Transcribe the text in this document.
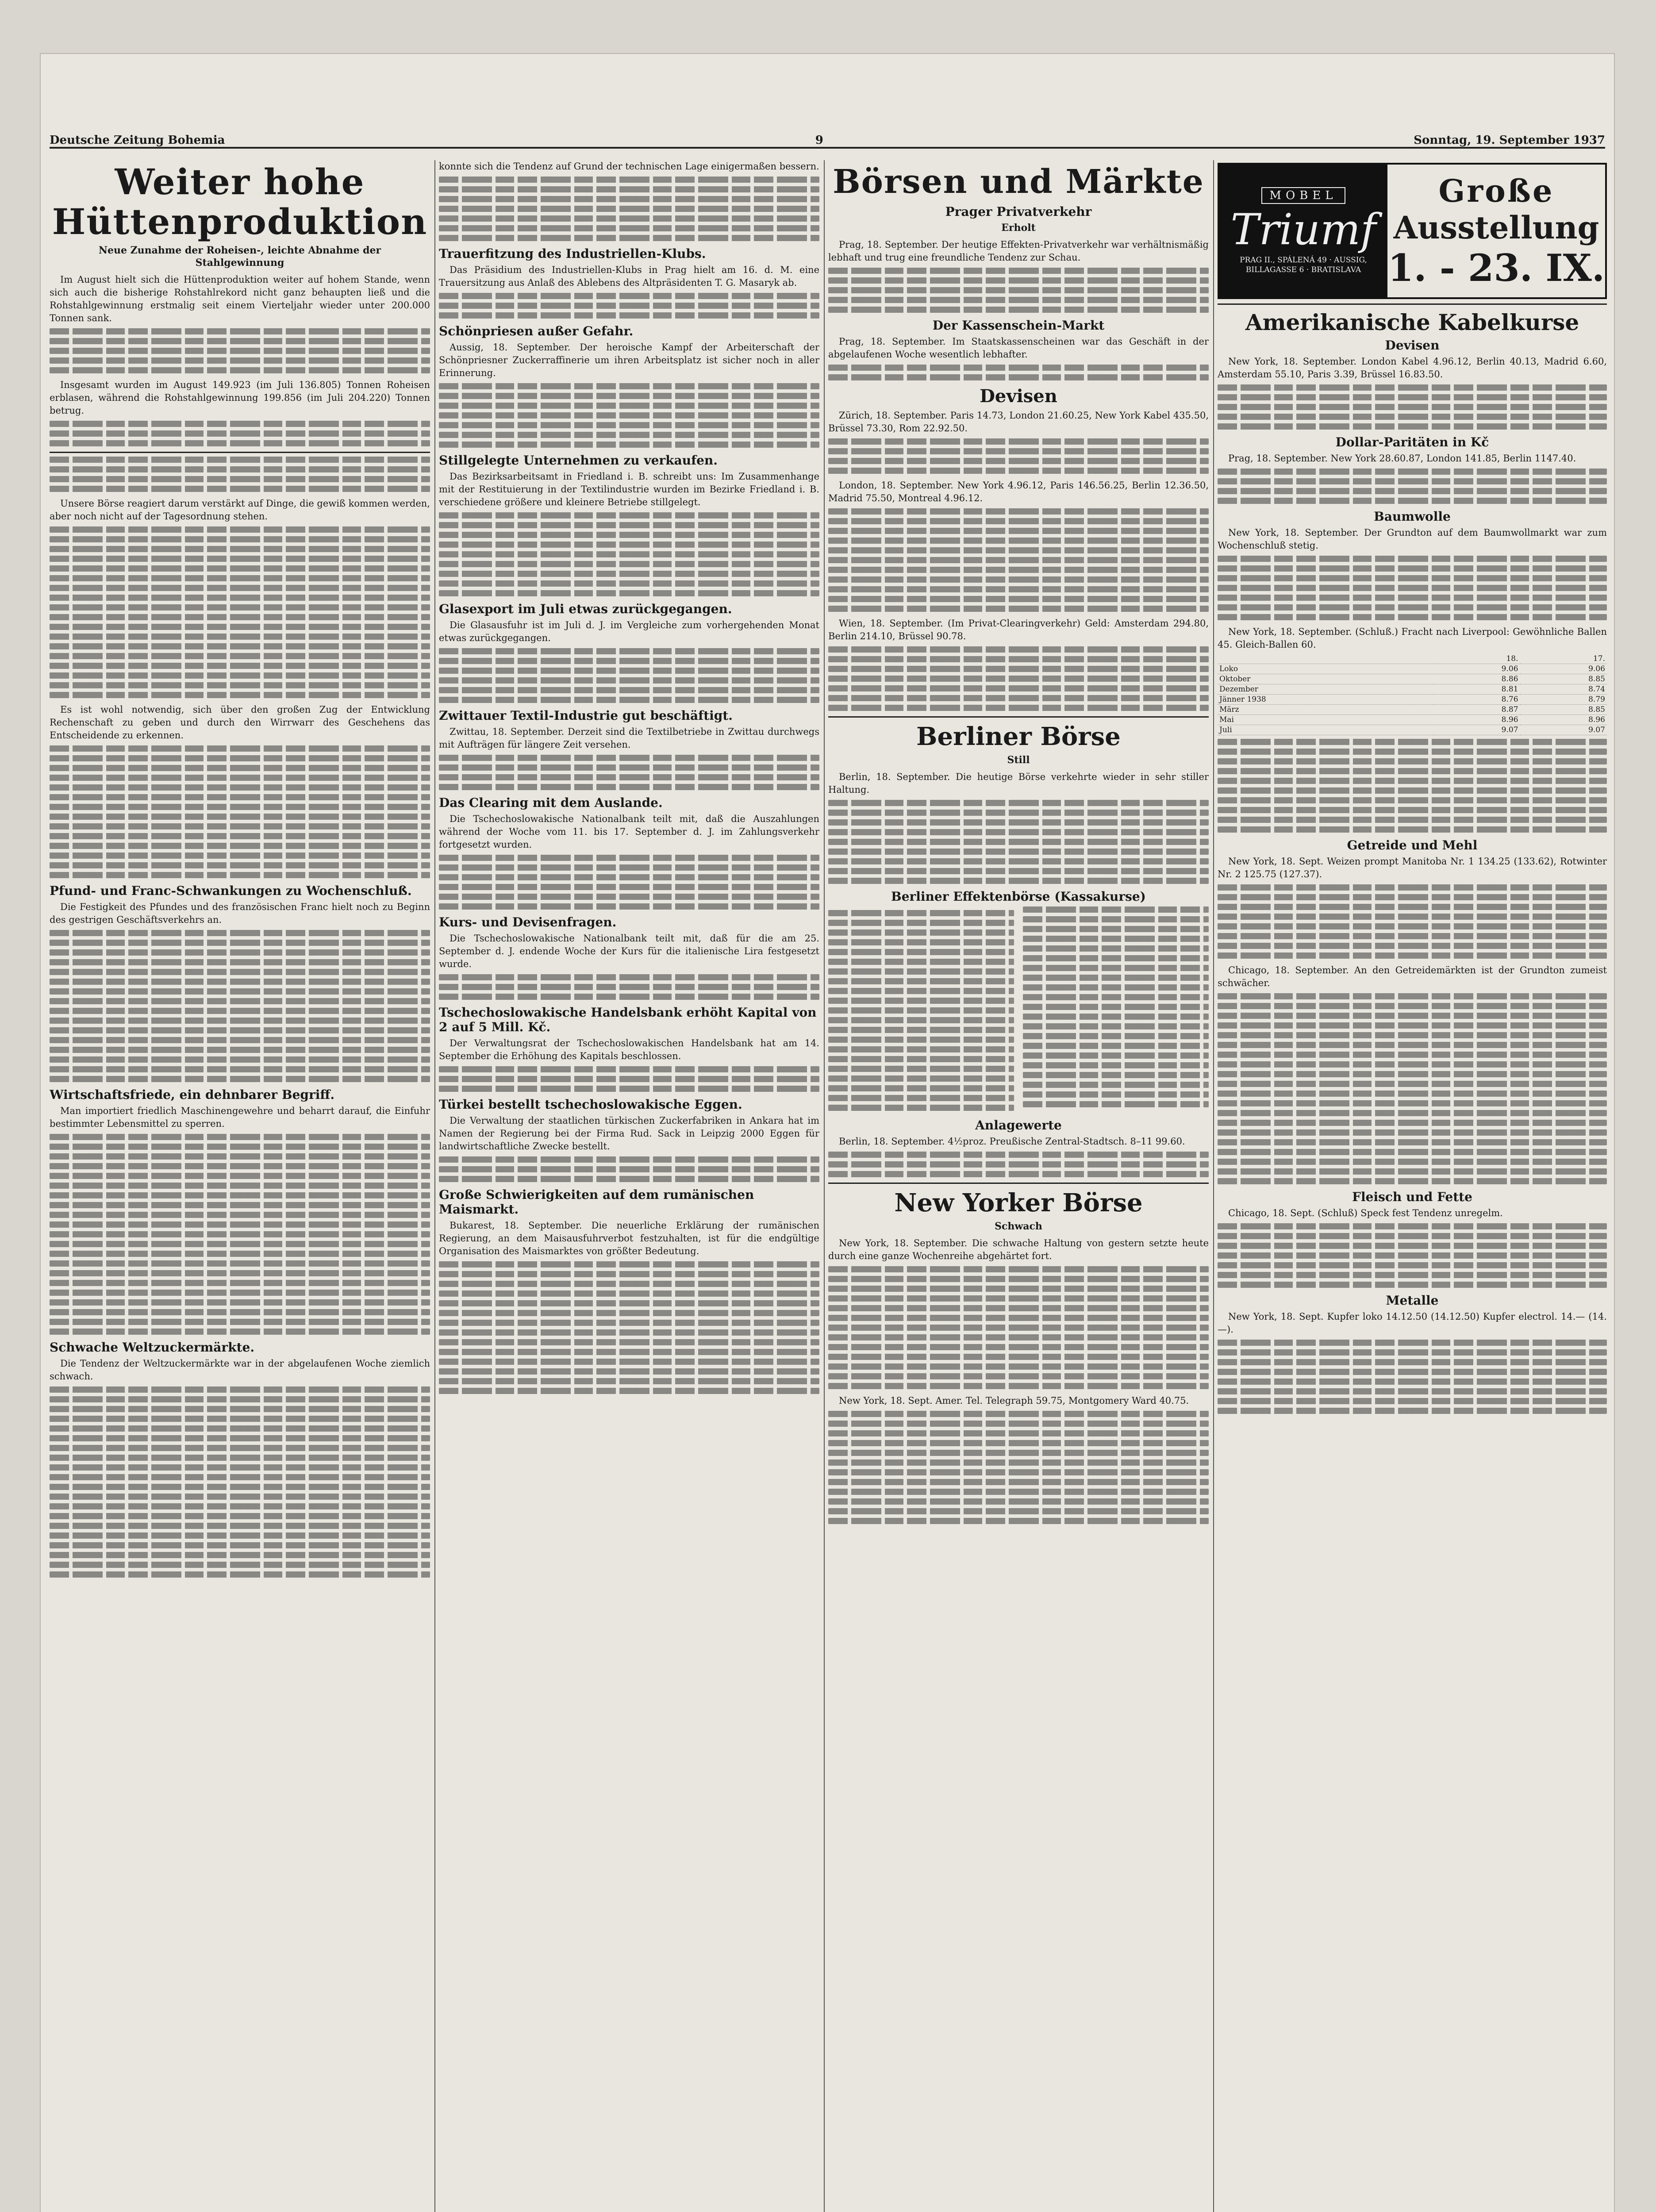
Deutsche Zeitung Bohemia	9	Sonntag, 19. September 1937
Weiter hohe Hüttenproduktion
Neue Zunahme der Roheisen-, leichte Abnahme der Stahlgewinnung

Im August hielt sich die Hüttenproduktion weiter auf hohem Stande, wenn sich auch die bisherige Rohstahlrekord nicht ganz behaupten ließ und die Rohstahlgewinnung erstmalig seit einem Vierteljahr wieder unter 200.000 Tonnen sank.

Insgesamt wurden im August 149.923 (im Juli 136.805) Tonnen Roheisen erblasen, während die Rohstahlgewinnung 199.856 (im Juli 204.220) Tonnen betrug.

Unsere Börse reagiert darum verstärkt auf Dinge, die gewiß kommen werden, aber noch nicht auf der Tagesordnung stehen.

Es ist wohl notwendig, sich über den großen Zug der Entwicklung Rechenschaft zu geben und durch den Wirrwarr des Geschehens das Entscheidende zu erkennen.

Pfund- und Franc-Schwankungen zu Wochenschluß.

Die Festigkeit des Pfundes und des französischen Franc hielt noch zu Beginn des gestrigen Geschäftsverkehrs an.

Wirtschaftsfriede, ein dehnbarer Begriff.

Man importiert friedlich Maschinengewehre und beharrt darauf, die Einfuhr bestimmter Lebensmittel zu sperren.

Schwache Weltzuckermärkte.

Die Tendenz der Weltzuckermärkte war in der abgelaufenen Woche ziemlich schwach.

konnte sich die Tendenz auf Grund der technischen Lage einigermaßen bessern.

Trauerfitzung des Industriellen-Klubs.

Das Präsidium des Industriellen-Klubs in Prag hielt am 16. d. M. eine Trauersitzung aus Anlaß des Ablebens des Altpräsidenten T. G. Masaryk ab.

Schönpriesen außer Gefahr.

Aussig, 18. September. Der heroische Kampf der Arbeiterschaft der Schönpriesner Zuckerraffinerie um ihren Arbeitsplatz ist sicher noch in aller Erinnerung.

Stillgelegte Unternehmen zu verkaufen.

Das Bezirksarbeitsamt in Friedland i. B. schreibt uns: Im Zusammenhange mit der Restituierung in der Textilindustrie wurden im Bezirke Friedland i. B. verschiedene größere und kleinere Betriebe stillgelegt.

Glasexport im Juli etwas zurückgegangen.

Die Glasausfuhr ist im Juli d. J. im Vergleiche zum vorhergehenden Monat etwas zurückgegangen.

Zwittauer Textil-Industrie gut beschäftigt.

Zwittau, 18. September. Derzeit sind die Textilbetriebe in Zwittau durchwegs mit Aufträgen für längere Zeit versehen.

Das Clearing mit dem Auslande.

Die Tschechoslowakische Nationalbank teilt mit, daß die Auszahlungen während der Woche vom 11. bis 17. September d. J. im Zahlungsverkehr fortgesetzt wurden.

Kurs- und Devisenfragen.

Die Tschechoslowakische Nationalbank teilt mit, daß für die am 25. September d. J. endende Woche der Kurs für die italienische Lira festgesetzt wurde.

Tschechoslowakische Handelsbank erhöht Kapital von 2 auf 5 Mill. Kč.

Der Verwaltungsrat der Tschechoslowakischen Handelsbank hat am 14. September die Erhöhung des Kapitals beschlossen.

Türkei bestellt tschechoslowakische Eggen.

Die Verwaltung der staatlichen türkischen Zuckerfabriken in Ankara hat im Namen der Regierung bei der Firma Rud. Sack in Leipzig 2000 Eggen für landwirtschaftliche Zwecke bestellt.

Große Schwierigkeiten auf dem rumänischen Maismarkt.

Bukarest, 18. September. Die neuerliche Erklärung der rumänischen Regierung, an dem Maisausfuhrverbot festzuhalten, ist für die endgültige Organisation des Maismarktes von größter Bedeutung.

Börsen und Märkte
Prager Privatverkehr
Erholt

Prag, 18. September. Der heutige Effekten-Privatverkehr war verhältnismäßig lebhaft und trug eine freundliche Tendenz zur Schau.

Der Kassenschein-Markt

Prag, 18. September. Im Staatskassenscheinen war das Geschäft in der abgelaufenen Woche wesentlich lebhafter.

Devisen

Zürich, 18. September. Paris 14.73, London 21.60.25, New York Kabel 435.50, Brüssel 73.30, Rom 22.92.50.

London, 18. September. New York 4.96.12, Paris 146.56.25, Berlin 12.36.50, Madrid 75.50, Montreal 4.96.12.

Wien, 18. September. (Im Privat-Clearingverkehr) Geld: Amsterdam 294.80, Berlin 214.10, Brüssel 90.78.

Berliner Börse
Still

Berlin, 18. September. Die heutige Börse verkehrte wieder in sehr stiller Haltung.

Berliner Effektenbörse (Kassakurse)
Anlagewerte

Berlin, 18. September. 4½proz. Preußische Zentral-Stadtsch. 8–11 99.60.

New Yorker Börse
Schwach

New York, 18. September. Die schwache Haltung von gestern setzte heute durch eine ganze Wochenreihe abgehärtet fort.

New York, 18. Sept. Amer. Tel. Telegraph 59.75, Montgomery Ward 40.75.

MOBEL
Triumf
PRAG II., SPÁLENÁ 49 · AUSSIG, BILLAGASSE 6 · BRATISLAVA
Große
Ausstellung
1. - 23. IX.
Amerikanische Kabelkurse
Devisen

New York, 18. September. London Kabel 4.96.12, Berlin 40.13, Madrid 6.60, Amsterdam 55.10, Paris 3.39, Brüssel 16.83.50.

Dollar-Paritäten in Kč

Prag, 18. September. New York 28.60.87, London 141.85, Berlin 1147.40.

Baumwolle

New York, 18. September. Der Grundton auf dem Baumwollmarkt war zum Wochenschluß stetig.

New York, 18. September. (Schluß.) Fracht nach Liverpool: Gewöhnliche Ballen 45. Gleich-Ballen 60.

	18.	17.
Loko	9.06	9.06
Oktober	8.86	8.85
Dezember	8.81	8.74
Jänner 1938	8.76	8.79
März	8.87	8.85
Mai	8.96	8.96
Juli	9.07	9.07
Getreide und Mehl

New York, 18. Sept. Weizen prompt Manitoba Nr. 1 134.25 (133.62), Rotwinter Nr. 2 125.75 (127.37).

Chicago, 18. September. An den Getreidemärkten ist der Grundton zumeist schwächer.

Fleisch und Fette

Chicago, 18. Sept. (Schluß) Speck fest Tendenz unregelm.

Metalle

New York, 18. Sept. Kupfer loko 14.12.50 (14.12.50) Kupfer electrol. 14.— (14.—).
